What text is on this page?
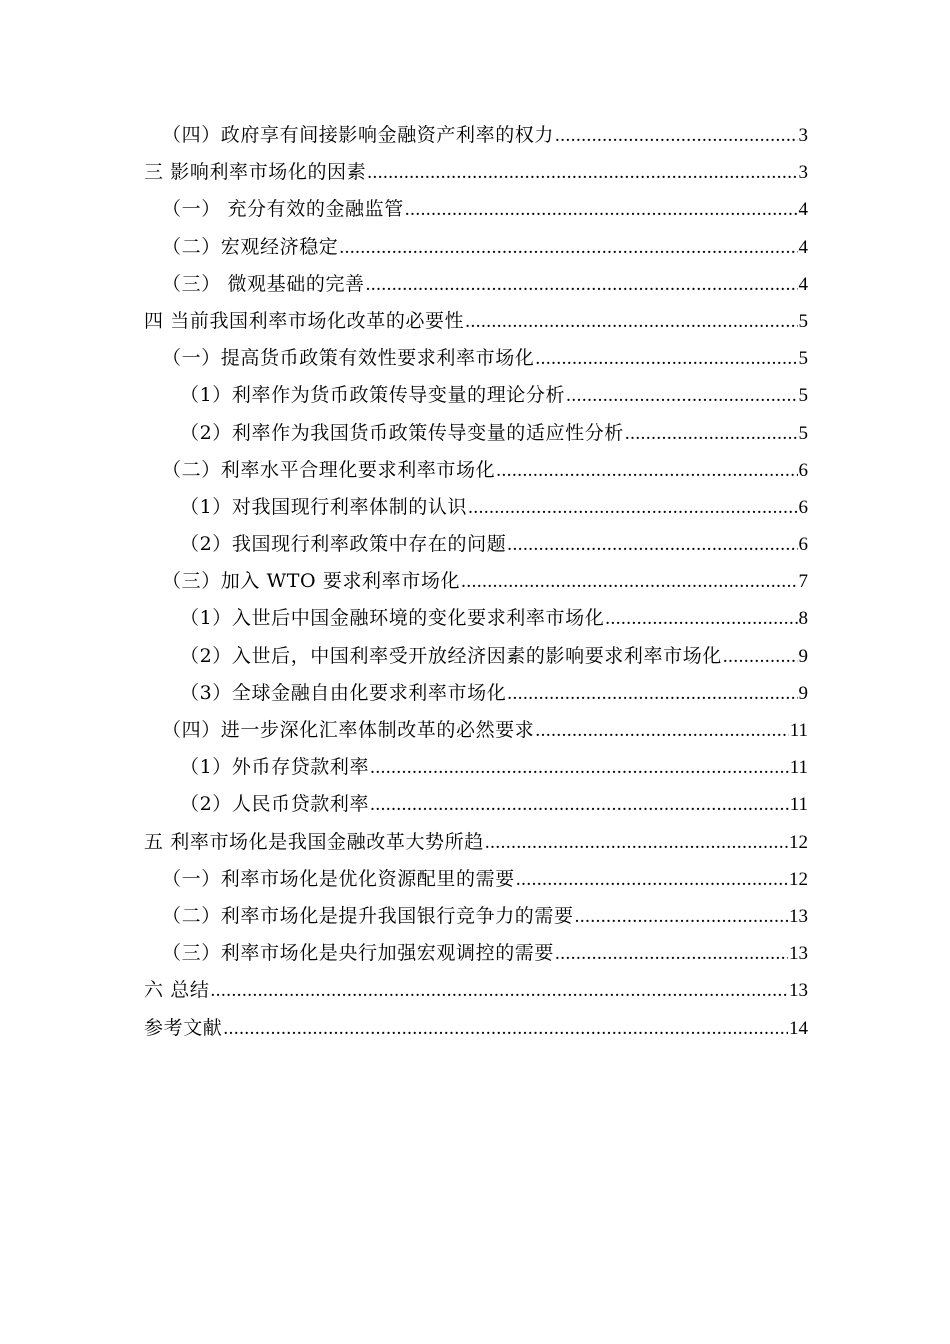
（四）政府享有间接影响金融资产利率的权力 .....	3
三 影响利率市场化的因素 .....	3
（一） 充分有效的金融监管 .....	4
（二）宏观经济稳定 .....	4
（三） 微观基础的完善 .....	4
四 当前我国利率市场化改革的必要性 .....	5
（一）提高货币政策有效性要求利率市场化 .....	5
（1）利率作为货币政策传导变量的理论分析 .....	5
（2）利率作为我国货币政策传导变量的适应性分析 .....	5
（二）利率水平合理化要求利率市场化 .....	6
（1）对我国现行利率体制的认识 .....	6
（2）我国现行利率政策中存在的问题 .....	6
（三）加入 WTO 要求利率市场化 .....	7
（1）入世后中国金融环境的变化要求利率市场化 .....	8
（2）入世后，中国利率受开放经济因素的影响要求利率市场化 .....	9
（3）全球金融自由化要求利率市场化 .....	9
（四）进一步深化汇率体制改革的必然要求 .....	11
（1）外币存贷款利率 .....	11
（2）人民币贷款利率 .....	11
五 利率市场化是我国金融改革大势所趋 .....	12
（一）利率市场化是优化资源配里的需要 .....	12
（二）利率市场化是提升我国银行竞争力的需要 .....	13
（三）利率市场化是央行加强宏观调控的需要 .....	13
六 总结 .....	13
参考文献 .....	14
